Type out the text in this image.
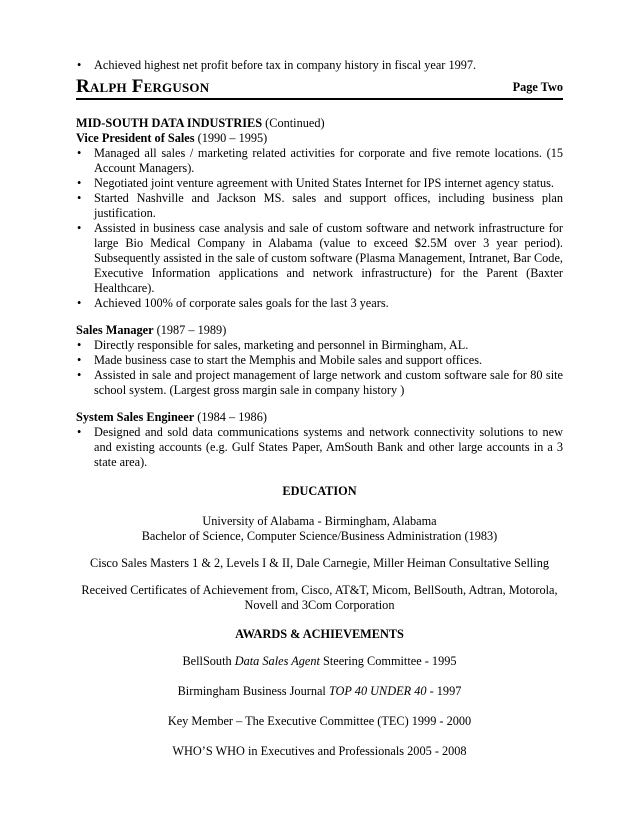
• Achieved highest net profit before tax in company history in fiscal year 1997.
Ralph Ferguson	Page Two
MID-SOUTH DATA INDUSTRIES (Continued)
Vice President of Sales (1990 – 1995)
• Managed all sales / marketing related activities for corporate and five remote locations. (15 Account Managers).
• Negotiated joint venture agreement with United States Internet for IPS internet agency status.
• Started Nashville and Jackson MS. sales and support offices, including business plan justification.
• Assisted in business case analysis and sale of custom software and network infrastructure for large Bio Medical Company in Alabama (value to exceed $2.5M over 3 year period). Subsequently assisted in the sale of custom software (Plasma Management, Intranet, Bar Code, Executive Information applications and network infrastructure) for the Parent (Baxter Healthcare).
• Achieved 100% of corporate sales goals for the last 3 years.
Sales Manager (1987 – 1989)
• Directly responsible for sales, marketing and personnel in Birmingham, AL.
• Made business case to start the Memphis and Mobile sales and support offices.
• Assisted in sale and project management of large network and custom software sale for 80 site school system. (Largest gross margin sale in company history )
System Sales Engineer (1984 – 1986)
• Designed and sold data communications systems and network connectivity solutions to new and existing accounts (e.g. Gulf States Paper, AmSouth Bank and other large accounts in a 3 state area).
EDUCATION
University of Alabama - Birmingham, Alabama
Bachelor of Science, Computer Science/Business Administration (1983)
Cisco Sales Masters 1 & 2, Levels I & II, Dale Carnegie, Miller Heiman Consultative Selling
Received Certificates of Achievement from, Cisco, AT&T, Micom, BellSouth, Adtran, Motorola,
Novell and 3Com Corporation
AWARDS & ACHIEVEMENTS
BellSouth Data Sales Agent Steering Committee - 1995
Birmingham Business Journal TOP 40 UNDER 40 - 1997
Key Member – The Executive Committee (TEC) 1999 - 2000
WHO’S WHO in Executives and Professionals 2005 - 2008
